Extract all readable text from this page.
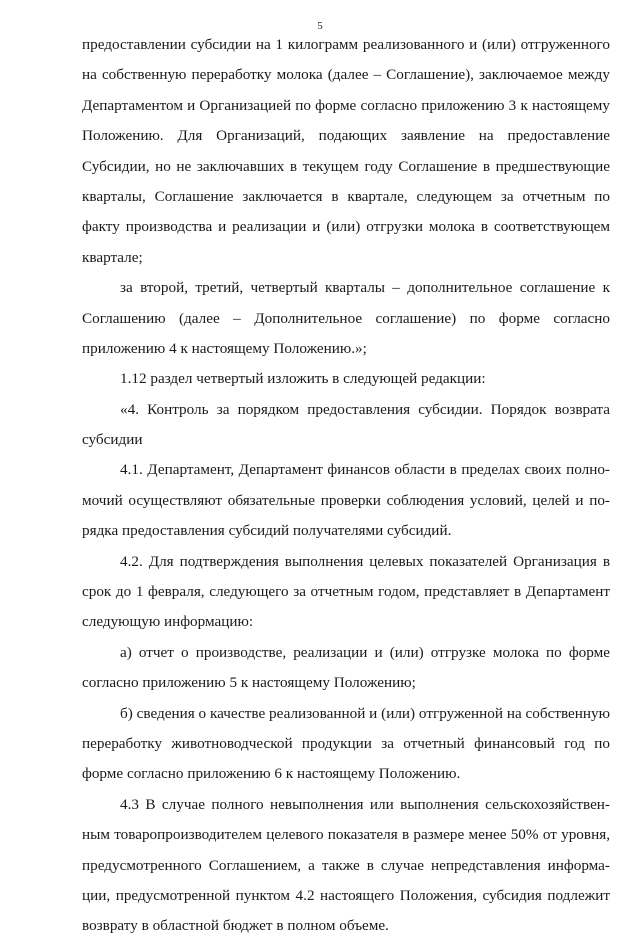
5
предоставлении субсидии на 1 килограмм реализованного и (или) отгруженного
на собственную переработку молока (далее – Соглашение), заключаемое между
Департаментом и Организацией по форме согласно приложению 3 к настоящему
Положению. Для Организаций, подающих заявление на предоставление
Субсидии, но не заключавших в текущем году Соглашение в предшествующие
кварталы, Соглашение заключается в квартале, следующем за отчетным по
факту производства и реализации и (или) отгрузки молока в соответствующем
квартале;
за второй, третий, четвертый кварталы – дополнительное соглашение к
Соглашению (далее – Дополнительное соглашение) по форме согласно
приложению 4 к настоящему Положению.»;
1.12 раздел четвертый изложить в следующей редакции:
«4. Контроль за порядком предоставления субсидии. Порядок возврата
субсидии
4.1. Департамент, Департамент финансов области в пределах своих полно-
мочий осуществляют обязательные проверки соблюдения условий, целей и по-
рядка предоставления субсидий получателями субсидий.
4.2. Для подтверждения выполнения целевых показателей Организация в
срок до 1 февраля, следующего за отчетным годом, представляет в Департамент
следующую информацию:
а) отчет о производстве, реализации и (или) отгрузке молока по форме
согласно приложению 5 к настоящему Положению;
б) сведения о качестве реализованной и (или) отгруженной на собственную
переработку животноводческой продукции за отчетный финансовый год по
форме согласно приложению 6 к настоящему Положению.
4.3 В случае полного невыполнения или выполнения сельскохозяйствен-
ным товаропроизводителем целевого показателя в размере менее 50% от уровня,
предусмотренного Соглашением, а также в случае непредставления информа-
ции, предусмотренной пунктом 4.2 настоящего Положения, субсидия подлежит
возврату в областной бюджет в полном объеме.
